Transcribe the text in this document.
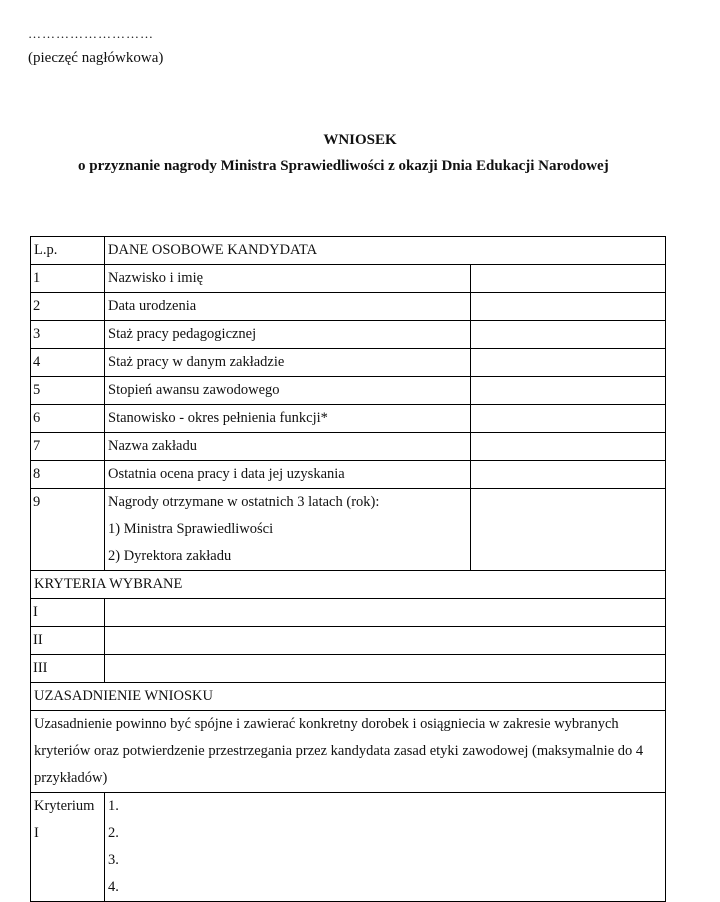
………………………
(pieczęć nagłówkowa)
WNIOSEK
o przyznanie nagrody Ministra Sprawiedliwości z okazji Dnia Edukacji Narodowej
L.p.	DANE OSOBOWE KANDYDATA	
1	Nazwisko i imię	
2	Data urodzenia	
3	Staż pracy pedagogicznej	
4	Staż pracy w danym zakładzie	
5	Stopień awansu zawodowego	
6	Stanowisko - okres pełnienia funkcji*	
7	Nazwa zakładu	
8	Ostatnia ocena pracy i data jej uzyskania	
9	Nagrody otrzymane w ostatnich 3 latach (rok):
1) Ministra Sprawiedliwości
2) Dyrektora zakładu	

KRYTERIA WYBRANE		
I		
II		
III		
UZASADNIENIE WNIOSKU		
Uzasadnienie powinno być spójne i zawierać konkretny dorobek i osiągniecia w zakresie wybranych kryteriów oraz potwierdzenie przestrzegania przez kandydata zasad etyki zawodowej (maksymalnie do 4 przykładów)		

Kryterium
I	1.
2.
3.
4.	
